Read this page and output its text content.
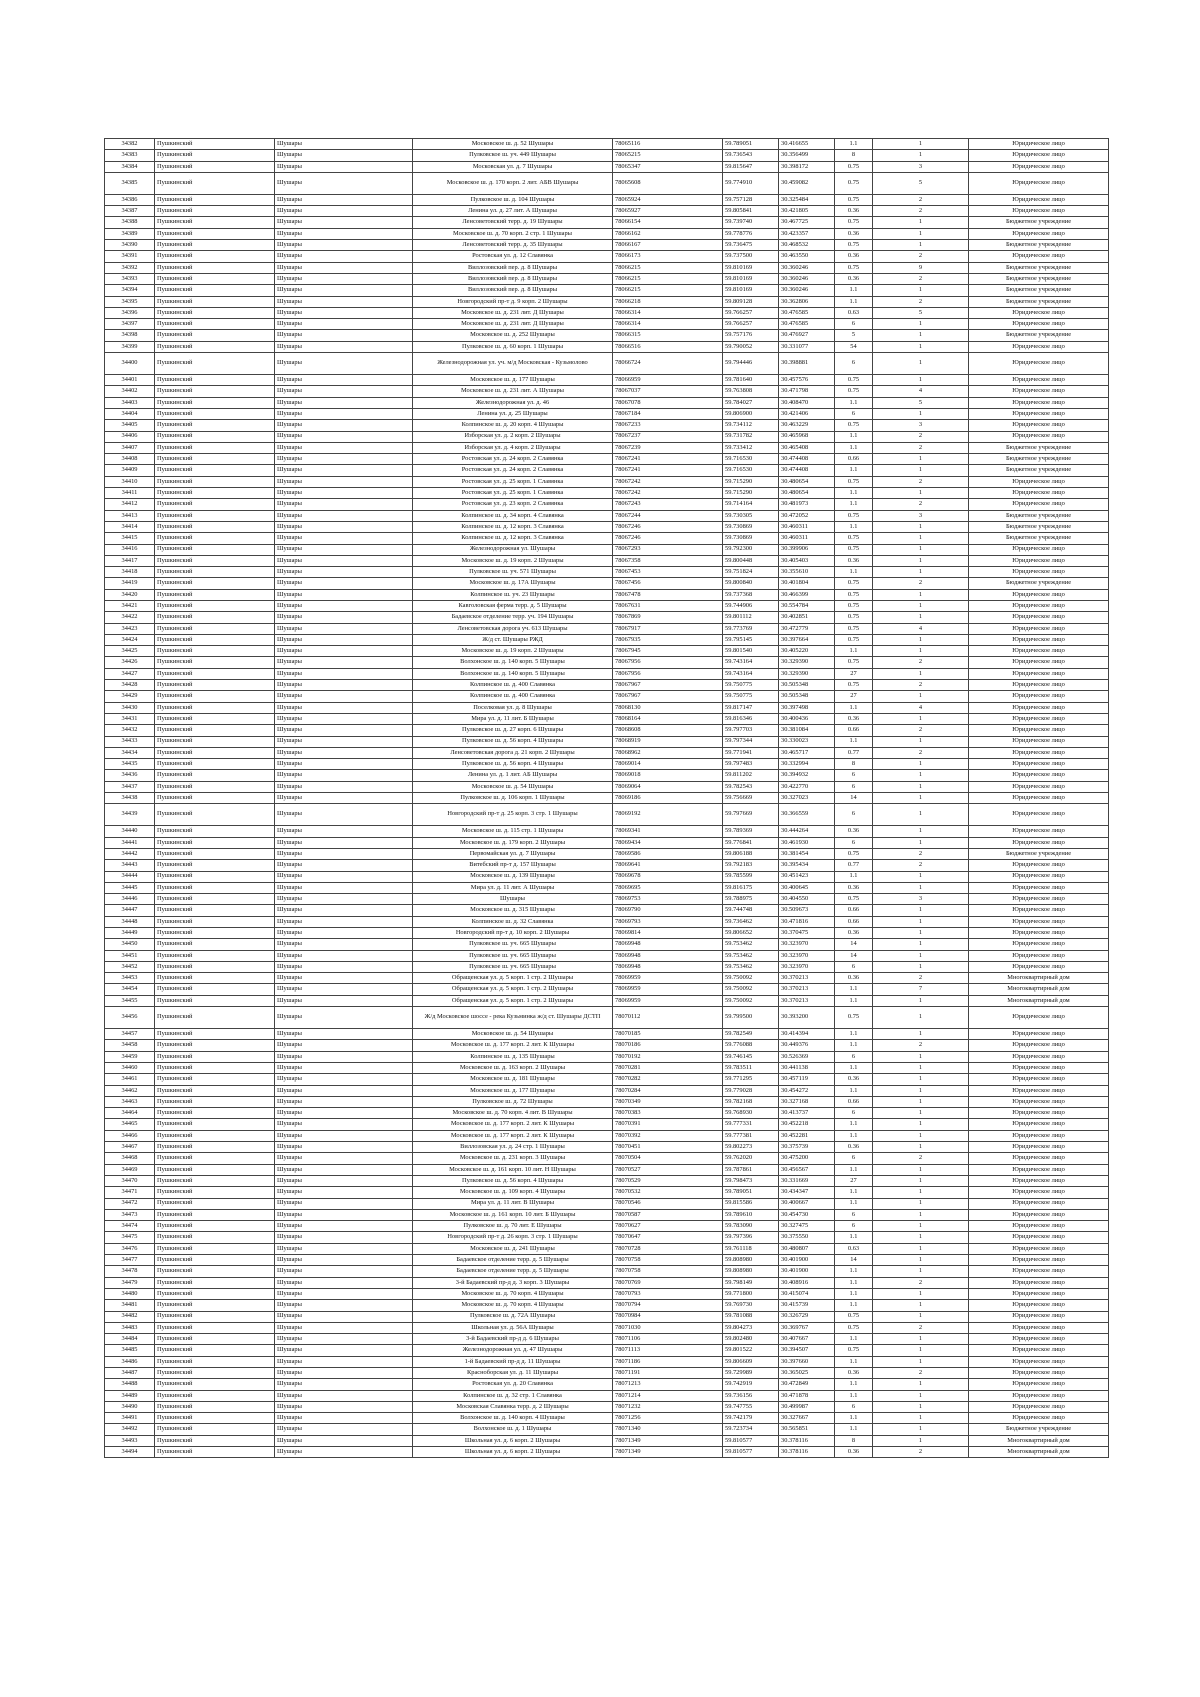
34382	Пушкинский	Шушары	Московское ш. д. 52 Шушары	78065116	59.789051	30.416655	1.1	1	Юридическое лицо
34383	Пушкинский	Шушары	Пулковское ш. уч. 449 Шушары	78065215	59.736543	30.356499	8	1	Юридическое лицо
34384	Пушкинский	Шушары	Московская ул. д. 7 Шушары	78065347	59.815647	30.398172	0.75	3	Юридическое лицо
34385	Пушкинский	Шушары	Московское ш. д. 170 корп. 2 лит. АБВ Шушары	78065608	59.774910	30.459082	0.75	5	Юридическое лицо
34386	Пушкинский	Шушары	Пулковское ш. д. 104 Шушары	78065924	59.757128	30.325484	0.75	2	Юридическое лицо
34387	Пушкинский	Шушары	Ленина ул. д. 27 лит. А Шушары	78065927	59.805841	30.421805	0.36	2	Юридическое лицо
34388	Пушкинский	Шушары	Ленсоветовский терр. д. 19 Шушары	78066154	59.739740	30.467725	0.75	1	Бюджетное учреждение
34389	Пушкинский	Шушары	Московское ш. д. 70 корп. 2 стр. 1 Шушары	78066162	59.778776	30.423357	0.36	1	Юридическое лицо
34390	Пушкинский	Шушары	Ленсоветовский терр. д. 35 Шушары	78066167	59.736475	30.468532	0.75	1	Бюджетное учреждение
34391	Пушкинский	Шушары	Ростовская ул. д. 12 Славянка	78066173	59.737500	30.463550	0.36	2	Юридическое лицо
34392	Пушкинский	Шушары	Виллозовский пер. д. 8 Шушары	78066215	59.810169	30.360246	0.75	9	Бюджетное учреждение
34393	Пушкинский	Шушары	Виллозовский пер. д. 8 Шушары	78066215	59.810169	30.360246	0.36	2	Бюджетное учреждение
34394	Пушкинский	Шушары	Виллозовский пер. д. 8 Шушары	78066215	59.810169	30.360246	1.1	1	Бюджетное учреждение
34395	Пушкинский	Шушары	Новгородский пр-т д. 9 корп. 2 Шушары	78066218	59.809128	30.362806	1.1	2	Бюджетное учреждение
34396	Пушкинский	Шушары	Московское ш. д. 231 лит. Д Шушары	78066314	59.766257	30.476585	0.63	5	Юридическое лицо
34397	Пушкинский	Шушары	Московское ш. д. 231 лит. Д Шушары	78066314	59.766257	30.476585	6	1	Юридическое лицо
34398	Пушкинский	Шушары	Московское ш. д. 252 Шушары	78066315	59.757176	30.476927	5	1	Бюджетное учреждение
34399	Пушкинский	Шушары	Пулковское ш. д. 60 корп. 1 Шушары	78066516	59.790052	30.331077	54	1	Юридическое лицо
34400	Пушкинский	Шушары	Железнодорожная ул. уч. м/д Московская - Кузьмолово	78066724	59.794446	30.398881	6	1	Юридическое лицо
34401	Пушкинский	Шушары	Московское ш. д. 177 Шушары	78066959	59.781640	30.457576	0.75	1	Юридическое лицо
34402	Пушкинский	Шушары	Московское ш. д. 231 лит. А Шушары	78067037	59.763808	30.471798	0.75	4	Юридическое лицо
34403	Пушкинский	Шушары	Железнодорожная ул. д. 46	78067078	59.784027	30.408470	1.1	5	Юридическое лицо
34404	Пушкинский	Шушары	Ленина ул. д. 25 Шушары	78067184	59.806900	30.421406	6	1	Юридическое лицо
34405	Пушкинский	Шушары	Колпинское ш. д. 20 корп. 4 Шушары	78067233	59.734112	30.463229	0.75	3	Юридическое лицо
34406	Пушкинский	Шушары	Изборская ул. д. 2 корп. 2 Шушары	78067237	59.731782	30.465968	1.1	2	Юридическое лицо
34407	Пушкинский	Шушары	Изборская ул. д. 4 корп. 2 Шушары	78067239	59.733412	30.465408	1.1	2	Бюджетное учреждение
34408	Пушкинский	Шушары	Ростовская ул. д. 24 корп. 2 Славянка	78067241	59.716530	30.474408	0.66	1	Бюджетное учреждение
34409	Пушкинский	Шушары	Ростовская ул. д. 24 корп. 2 Славянка	78067241	59.716530	30.474408	1.1	1	Бюджетное учреждение
34410	Пушкинский	Шушары	Ростовская ул. д. 25 корп. 1 Славянка	78067242	59.715290	30.480654	0.75	2	Юридическое лицо
34411	Пушкинский	Шушары	Ростовская ул. д. 25 корп. 1 Славянка	78067242	59.715290	30.480654	1.1	1	Юридическое лицо
34412	Пушкинский	Шушары	Ростовская ул. д. 23 корп. 2 Славянка	78067243	59.714164	30.481973	1.1	2	Юридическое лицо
34413	Пушкинский	Шушары	Колпинское ш. д. 34 корп. 4 Славянка	78067244	59.730305	30.472052	0.75	3	Бюджетное учреждение
34414	Пушкинский	Шушары	Колпинское ш. д. 12 корп. 3 Славянка	78067246	59.730869	30.460311	1.1	1	Бюджетное учреждение
34415	Пушкинский	Шушары	Колпинское ш. д. 12 корп. 3 Славянка	78067246	59.730869	30.460311	0.75	1	Бюджетное учреждение
34416	Пушкинский	Шушары	Железнодорожная ул. Шушары	78067293	59.792300	30.399906	0.75	1	Юридическое лицо
34417	Пушкинский	Шушары	Московское ш. д. 19 корп. 2 Шушары	78067358	59.800448	30.405403	0.36	1	Юридическое лицо
34418	Пушкинский	Шушары	Пулковское ш. уч. 571 Шушары	78067453	59.751824	30.355610	1.1	1	Юридическое лицо
34419	Пушкинский	Шушары	Московское ш. д. 17А Шушары	78067456	59.800840	30.401804	0.75	2	Бюджетное учреждение
34420	Пушкинский	Шушары	Колпинское ш. уч. 23 Шушары	78067478	59.737368	30.466399	0.75	1	Юридическое лицо
34421	Пушкинский	Шушары	Кавголовская ферма терр. д. 5 Шушары	78067631	59.744906	30.554784	0.75	1	Юридическое лицо
34422	Пушкинский	Шушары	Бадаевское отделение терр. уч. 194 Шушары	78067869	59.801112	30.402851	0.75	1	Юридическое лицо
34423	Пушкинский	Шушары	Ленсоветовская дорога уч. 613 Шушары	78067917	59.773769	30.472779	0.75	4	Юридическое лицо
34424	Пушкинский	Шушары	Ж/д ст. Шушары РЖД	78067935	59.795145	30.397664	0.75	1	Юридическое лицо
34425	Пушкинский	Шушары	Московское ш. д. 19 корп. 2 Шушары	78067945	59.801540	30.405220	1.1	1	Юридическое лицо
34426	Пушкинский	Шушары	Волхонское ш. д. 140 корп. 5 Шушары	78067956	59.743164	30.329390	0.75	2	Юридическое лицо
34427	Пушкинский	Шушары	Волхонское ш. д. 140 корп. 5 Шушары	78067956	59.743164	30.329390	27	1	Юридическое лицо
34428	Пушкинский	Шушары	Колпинское ш. д. 400 Славянка	78067967	59.750775	30.505348	0.75	2	Юридическое лицо
34429	Пушкинский	Шушары	Колпинское ш. д. 400 Славянка	78067967	59.750775	30.505348	27	1	Юридическое лицо
34430	Пушкинский	Шушары	Поселковая ул. д. 8 Шушары	78068130	59.817147	30.397498	1.1	4	Юридическое лицо
34431	Пушкинский	Шушары	Мира ул. д. 11 лит. Б Шушары	78068164	59.816346	30.400436	0.36	1	Юридическое лицо
34432	Пушкинский	Шушары	Пулковское ш. д. 27 корп. 6 Шушары	78068608	59.797703	30.381084	0.66	2	Юридическое лицо
34433	Пушкинский	Шушары	Пулковское ш. д. 56 корп. 4 Шушары	78068919	59.797344	30.330023	1.1	1	Юридическое лицо
34434	Пушкинский	Шушары	Ленсоветовская дорога д. 21 корп. 2 Шушары	78068962	59.771941	30.465717	0.77	2	Юридическое лицо
34435	Пушкинский	Шушары	Пулковское ш. д. 56 корп. 4 Шушары	78069014	59.797483	30.332994	8	1	Юридическое лицо
34436	Пушкинский	Шушары	Ленина ул. д. 1 лит. АБ Шушары	78069018	59.811202	30.394932	6	1	Юридическое лицо
34437	Пушкинский	Шушары	Московское ш. д. 54 Шушары	78069064	59.782543	30.422770	6	1	Юридическое лицо
34438	Пушкинский	Шушары	Пулковское ш. д. 106 корп. 1 Шушары	78069186	59.756669	30.327023	14	1	Юридическое лицо
34439	Пушкинский	Шушары	Новгородский пр-т д. 25 корп. 3 стр. 1 Шушары	78069192	59.797669	30.366559	6	1	Юридическое лицо
34440	Пушкинский	Шушары	Московское ш. д. 115 стр. 1 Шушары	78069341	59.789369	30.444264	0.36	1	Юридическое лицо
34441	Пушкинский	Шушары	Московское ш. д. 179 корп. 2 Шушары	78069434	59.776841	30.461930	6	1	Юридическое лицо
34442	Пушкинский	Шушары	Первомайская ул. д. 7 Шушары	78069586	59.806188	30.381454	0.75	2	Бюджетное учреждение
34443	Пушкинский	Шушары	Витебский пр-т д. 157 Шушары	78069641	59.792183	30.395434	0.77	2	Юридическое лицо
34444	Пушкинский	Шушары	Московское ш. д. 139 Шушары	78069678	59.785599	30.451423	1.1	1	Юридическое лицо
34445	Пушкинский	Шушары	Мира ул. д. 11 лит. А Шушары	78069695	59.816175	30.400645	0.36	1	Юридическое лицо
34446	Пушкинский	Шушары	Шушары	78069753	59.788975	30.404550	0.75	3	Юридическое лицо
34447	Пушкинский	Шушары	Московское ш. д. 315 Шушары	78069790	59.744748	30.509673	0.66	1	Юридическое лицо
34448	Пушкинский	Шушары	Колпинское ш. д. 32 Славянка	78069793	59.736462	30.471816	0.66	1	Юридическое лицо
34449	Пушкинский	Шушары	Новгородский пр-т д. 10 корп. 2 Шушары	78069814	59.806652	30.370475	0.36	1	Юридическое лицо
34450	Пушкинский	Шушары	Пулковское ш. уч. 665 Шушары	78069948	59.753462	30.323970	14	1	Юридическое лицо
34451	Пушкинский	Шушары	Пулковское ш. уч. 665 Шушары	78069948	59.753462	30.323970	14	1	Юридическое лицо
34452	Пушкинский	Шушары	Пулковское ш. уч. 665 Шушары	78069948	59.753462	30.323970	6	1	Юридическое лицо
34453	Пушкинский	Шушары	Обращенская ул. д. 5 корп. 1 стр. 2 Шушары	78069959	59.750092	30.370213	0.36	2	Многоквартирный дом
34454	Пушкинский	Шушары	Обращенская ул. д. 5 корп. 1 стр. 2 Шушары	78069959	59.750092	30.370213	1.1	7	Многоквартирный дом
34455	Пушкинский	Шушары	Обращенская ул. д. 5 корп. 1 стр. 2 Шушары	78069959	59.750092	30.370213	1.1	1	Многоквартирный дом
34456	Пушкинский	Шушары	Ж/д Московское шоссе - река Кузьминка ж/д ст. Шушары ДСТП	78070112	59.799500	30.393200	0.75	1	Юридическое лицо
34457	Пушкинский	Шушары	Московское ш. д. 54 Шушары	78070185	59.782549	30.414394	1.1	1	Юридическое лицо
34458	Пушкинский	Шушары	Московское ш. д. 177 корп. 2 лит. К Шушары	78070186	59.776088	30.449376	1.1	2	Юридическое лицо
34459	Пушкинский	Шушары	Колпинское ш. д. 135 Шушары	78070192	59.746145	30.526369	6	1	Юридическое лицо
34460	Пушкинский	Шушары	Московское ш. д. 163 корп. 2 Шушары	78070281	59.783511	30.441138	1.1	1	Юридическое лицо
34461	Пушкинский	Шушары	Московское ш. д. 181 Шушары	78070282	59.771295	30.457119	0.36	1	Юридическое лицо
34462	Пушкинский	Шушары	Московское ш. д. 177 Шушары	78070284	59.779028	30.454272	1.1	1	Юридическое лицо
34463	Пушкинский	Шушары	Пулковское ш. д. 72 Шушары	78070349	59.782168	30.327168	0.66	1	Юридическое лицо
34464	Пушкинский	Шушары	Московское ш. д. 70 корп. 4 лит. В Шушары	78070383	59.768930	30.413737	6	1	Юридическое лицо
34465	Пушкинский	Шушары	Московское ш. д. 177 корп. 2 лит. К Шушары	78070391	59.777331	30.452218	1.1	1	Юридическое лицо
34466	Пушкинский	Шушары	Московское ш. д. 177 корп. 2 лит. К Шушары	78070392	59.777381	30.452281	1.1	1	Юридическое лицо
34467	Пушкинский	Шушары	Виллозовская ул. д. 24 стр. 1 Шушары	78070451	59.802273	30.375739	0.36	1	Юридическое лицо
34468	Пушкинский	Шушары	Московское ш. д. 231 корп. 3 Шушары	78070504	59.762020	30.475200	6	2	Юридическое лицо
34469	Пушкинский	Шушары	Московское ш. д. 161 корп. 10 лит. Н Шушары	78070527	59.787861	30.456567	1.1	1	Юридическое лицо
34470	Пушкинский	Шушары	Пулковское ш. д. 56 корп. 4 Шушары	78070529	59.798473	30.331669	27	1	Юридическое лицо
34471	Пушкинский	Шушары	Московское ш. д. 109 корп. 4 Шушары	78070532	59.789051	30.434347	1.1	1	Юридическое лицо
34472	Пушкинский	Шушары	Мира ул. д. 11 лит. В Шушары	78070546	59.815586	30.400667	1.1	1	Юридическое лицо
34473	Пушкинский	Шушары	Московское ш. д. 161 корп. 10 лит. Б Шушары	78070587	59.789610	30.454730	6	1	Юридическое лицо
34474	Пушкинский	Шушары	Пулковское ш. д. 70 лит. Е Шушары	78070627	59.783090	30.327475	6	1	Юридическое лицо
34475	Пушкинский	Шушары	Новгородский пр-т д. 26 корп. 3 стр. 1 Шушары	78070647	59.797396	30.375550	1.1	1	Юридическое лицо
34476	Пушкинский	Шушары	Московское ш. д. 241 Шушары	78070728	59.761118	30.480807	0.63	1	Юридическое лицо
34477	Пушкинский	Шушары	Бадаевское отделение терр. д. 5 Шушары	78070758	59.808980	30.401900	14	1	Юридическое лицо
34478	Пушкинский	Шушары	Бадаевское отделение терр. д. 5 Шушары	78070758	59.808980	30.401900	1.1	1	Юридическое лицо
34479	Пушкинский	Шушары	3-й Бадаевский пр-д д. 3 корп. 3 Шушары	78070769	59.798149	30.408916	1.1	2	Юридическое лицо
34480	Пушкинский	Шушары	Московское ш. д. 70 корп. 4 Шушары	78070793	59.771800	30.415074	1.1	1	Юридическое лицо
34481	Пушкинский	Шушары	Московское ш. д. 70 корп. 4 Шушары	78070794	59.769730	30.415739	1.1	1	Юридическое лицо
34482	Пушкинский	Шушары	Пулковское ш. д. 72А Шушары	78070984	59.781088	30.326729	0.75	1	Юридическое лицо
34483	Пушкинский	Шушары	Школьная ул. д. 56А Шушары	78071030	59.804273	30.369767	0.75	2	Юридическое лицо
34484	Пушкинский	Шушары	3-й Бадаевский пр-д д. 6 Шушары	78071106	59.802480	30.407667	1.1	1	Юридическое лицо
34485	Пушкинский	Шушары	Железнодорожная ул. д. 47 Шушары	78071113	59.801522	30.394507	0.75	1	Юридическое лицо
34486	Пушкинский	Шушары	1-й Бадаевский пр-д д. 11 Шушары	78071186	59.806609	30.397660	1.1	1	Юридическое лицо
34487	Пушкинский	Шушары	Красноборская ул. д. 11 Шушары	78071191	59.729989	30.365025	0.36	2	Юридическое лицо
34488	Пушкинский	Шушары	Ростовская ул. д. 20 Славянка	78071213	59.742919	30.472849	1.1	1	Юридическое лицо
34489	Пушкинский	Шушары	Колпинское ш. д. 32 стр. 1 Славянка	78071214	59.736156	30.471878	1.1	1	Юридическое лицо
34490	Пушкинский	Шушары	Московская Славянка терр. д. 2 Шушары	78071232	59.747755	30.499987	6	1	Юридическое лицо
34491	Пушкинский	Шушары	Волхонское ш. д. 140 корп. 4 Шушары	78071256	59.742179	30.327667	1.1	1	Юридическое лицо
34492	Пушкинский	Шушары	Волхонское ш. д. 1 Шушары	78071340	59.723734	30.565851	1.1	1	Бюджетное учреждение
34493	Пушкинский	Шушары	Школьная ул. д. 6 корп. 2 Шушары	78071349	59.810577	30.378116	8	1	Многоквартирный дом
34494	Пушкинский	Шушары	Школьная ул. д. 6 корп. 2 Шушары	78071349	59.810577	30.378116	0.36	2	Многоквартирный дом
